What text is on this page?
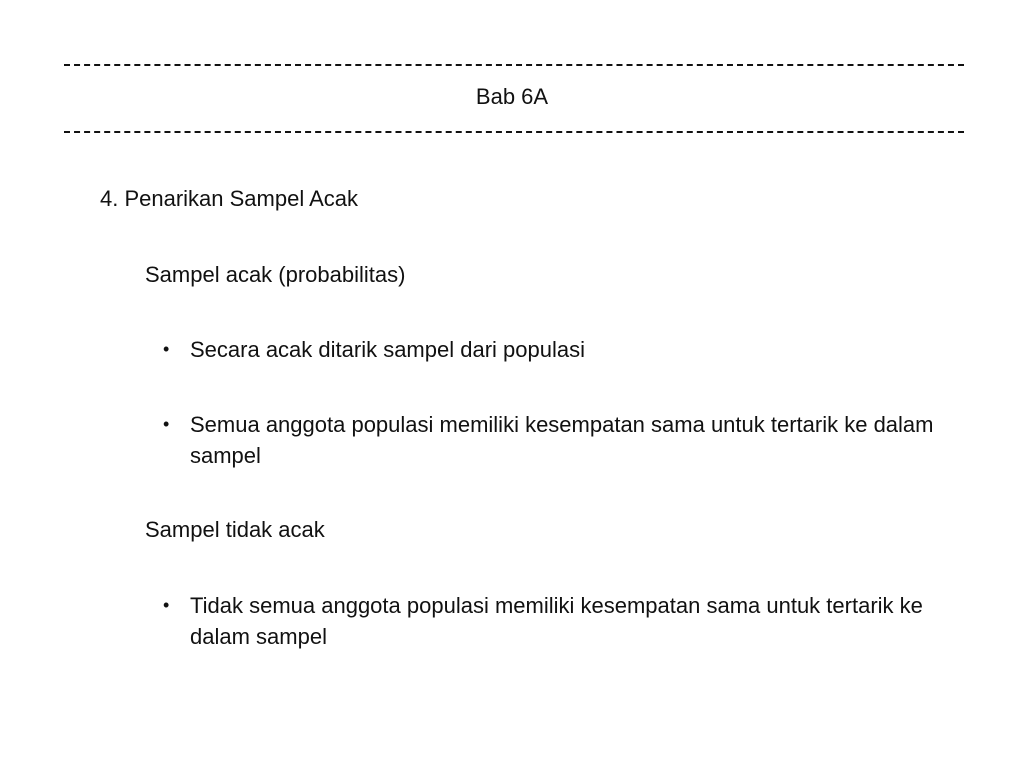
Bab 6A
4. Penarikan Sampel Acak
Sampel acak (probabilitas)
• Secara acak ditarik sampel dari populasi
• Semua anggota populasi memiliki kesempatan sama untuk tertarik ke dalam sampel
Sampel tidak acak
• Tidak semua anggota populasi memiliki kesempatan sama untuk tertarik ke dalam sampel
